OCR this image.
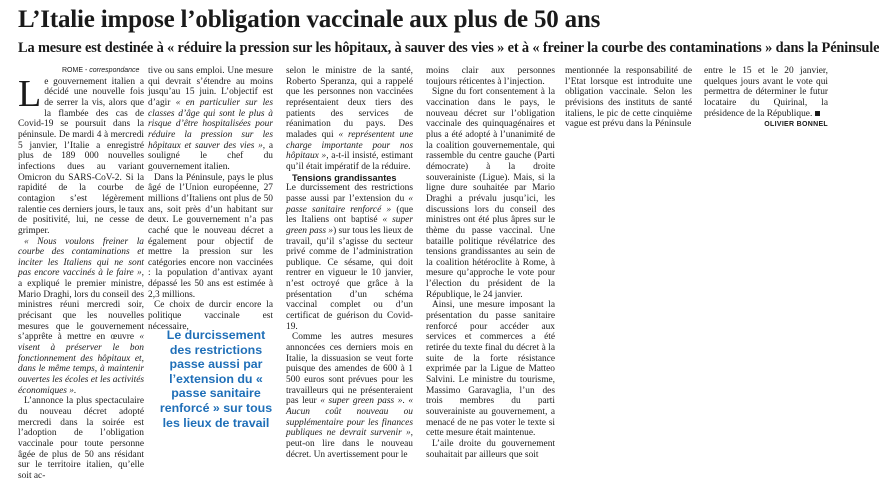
L’Italie impose l’obligation vaccinale aux plus de 50 ans
La mesure est destinée à « réduire la pression sur les hôpitaux, à sauver des vies » et à « freiner la courbe des contaminations » dans la Péninsule

ROME - correspondance

Le gouvernement italien a décidé une nouvelle fois de serrer la vis, alors que la flambée des cas de Covid-19 se poursuit dans la péninsule. De mardi 4 à mercredi 5 janvier, l’Italie a enregistré plus de 189 000 nouvelles infections dues au variant Omicron du SARS-CoV-2. Si la rapidité de la courbe de contagion s’est légèrement ralentie ces derniers jours, le taux de positivité, lui, ne cesse de grimper.

« Nous voulons freiner la courbe des contaminations et inciter les Italiens qui ne sont pas encore vaccinés à le faire », a expliqué le premier ministre, Mario Draghi, lors du conseil des ministres réuni mercredi soir, précisant que les nouvelles mesures que le gouvernement s’apprête à mettre en œuvre « visent à préserver le bon fonctionnement des hôpitaux et, dans le même temps, à maintenir ouvertes les écoles et les activités économiques ».

L’annonce la plus spectaculaire du nouveau décret adopté mercredi dans la soirée est l’adoption de l’obligation vaccinale pour toute personne âgée de plus de 50 ans résidant sur le territoire italien, qu’elle soit ac-

tive ou sans emploi. Une mesure qui devrait s’étendre au moins jusqu’au 15 juin. L’objectif est d’agir « en particulier sur les classes d’âge qui sont le plus à risque d’être hospitalisées pour réduire la pression sur les hôpitaux et sauver des vies », a souligné le chef du gouvernement italien.

Dans la Péninsule, pays le plus âgé de l’Union européenne, 27 millions d’Italiens ont plus de 50 ans, soit près d’un habitant sur deux. Le gouvernement n’a pas caché que le nouveau décret a également pour objectif de mettre la pression sur les catégories encore non vaccinées : la population d’antivax ayant dépassé les 50 ans est estimée à 2,3 millions.

Ce choix de durcir encore la politique vaccinale est nécessaire,

Le durcissement des restrictions passe aussi par l’extension du « passe sanitaire renforcé » sur tous les lieux de travail

selon le ministre de la santé, Roberto Speranza, qui a rappelé que les personnes non vaccinées représentaient deux tiers des patients des services de réanimation du pays. Des malades qui « représentent une charge importante pour nos hôpitaux », a-t-il insisté, estimant qu’il était impératif de la réduire.

Tensions grandissantes

Le durcissement des restrictions passe aussi par l’extension du « passe sanitaire renforcé » (que les Italiens ont baptisé « super green pass ») sur tous les lieux de travail, qu’il s’agisse du secteur privé comme de l’administration publique. Ce sésame, qui doit rentrer en vigueur le 10 janvier, n’est octroyé que grâce à la présentation d’un schéma vaccinal complet ou d’un certificat de guérison du Covid-19.

Comme les autres mesures annoncées ces derniers mois en Italie, la dissuasion se veut forte puisque des amendes de 600 à 1 500 euros sont prévues pour les travailleurs qui ne présenteraient pas leur « super green pass ». « Aucun coût nouveau ou supplémentaire pour les finances publiques ne devrait survenir », peut-on lire dans le nouveau décret. Un avertissement pour le

moins clair aux personnes toujours réticentes à l’injection.

Signe du fort consentement à la vaccination dans le pays, le nouveau décret sur l’obligation vaccinale des quinquagénaires et plus a été adopté à l’unanimité de la coalition gouvernementale, qui rassemble du centre gauche (Parti démocrate) à la droite souverainiste (Ligue). Mais, si la ligne dure souhaitée par Mario Draghi a prévalu jusqu’ici, les discussions lors du conseil des ministres ont été plus âpres sur le thème du passe vaccinal. Une bataille politique révélatrice des tensions grandissantes au sein de la coalition hétéroclite à Rome, à mesure qu’approche le vote pour l’élection du président de la République, le 24 janvier.

Ainsi, une mesure imposant la présentation du passe sanitaire renforcé pour accéder aux services et commerces a été retirée du texte final du décret à la suite de la forte résistance exprimée par la Ligue de Matteo Salvini. Le ministre du tourisme, Massimo Garavaglia, l’un des trois membres du parti souverainiste au gouvernement, a menacé de ne pas voter le texte si cette mesure était maintenue.

L’aile droite du gouvernement souhaitait par ailleurs que soit

mentionnée la responsabilité de l’Etat lorsque est introduite une obligation vaccinale. Selon les prévisions des instituts de santé italiens, le pic de cette cinquième vague est prévu dans la Péninsule

entre le 15 et le 20 janvier, quelques jours avant le vote qui permettra de déterminer le futur locataire du Quirinal, la présidence de la République.

OLIVIER BONNEL
